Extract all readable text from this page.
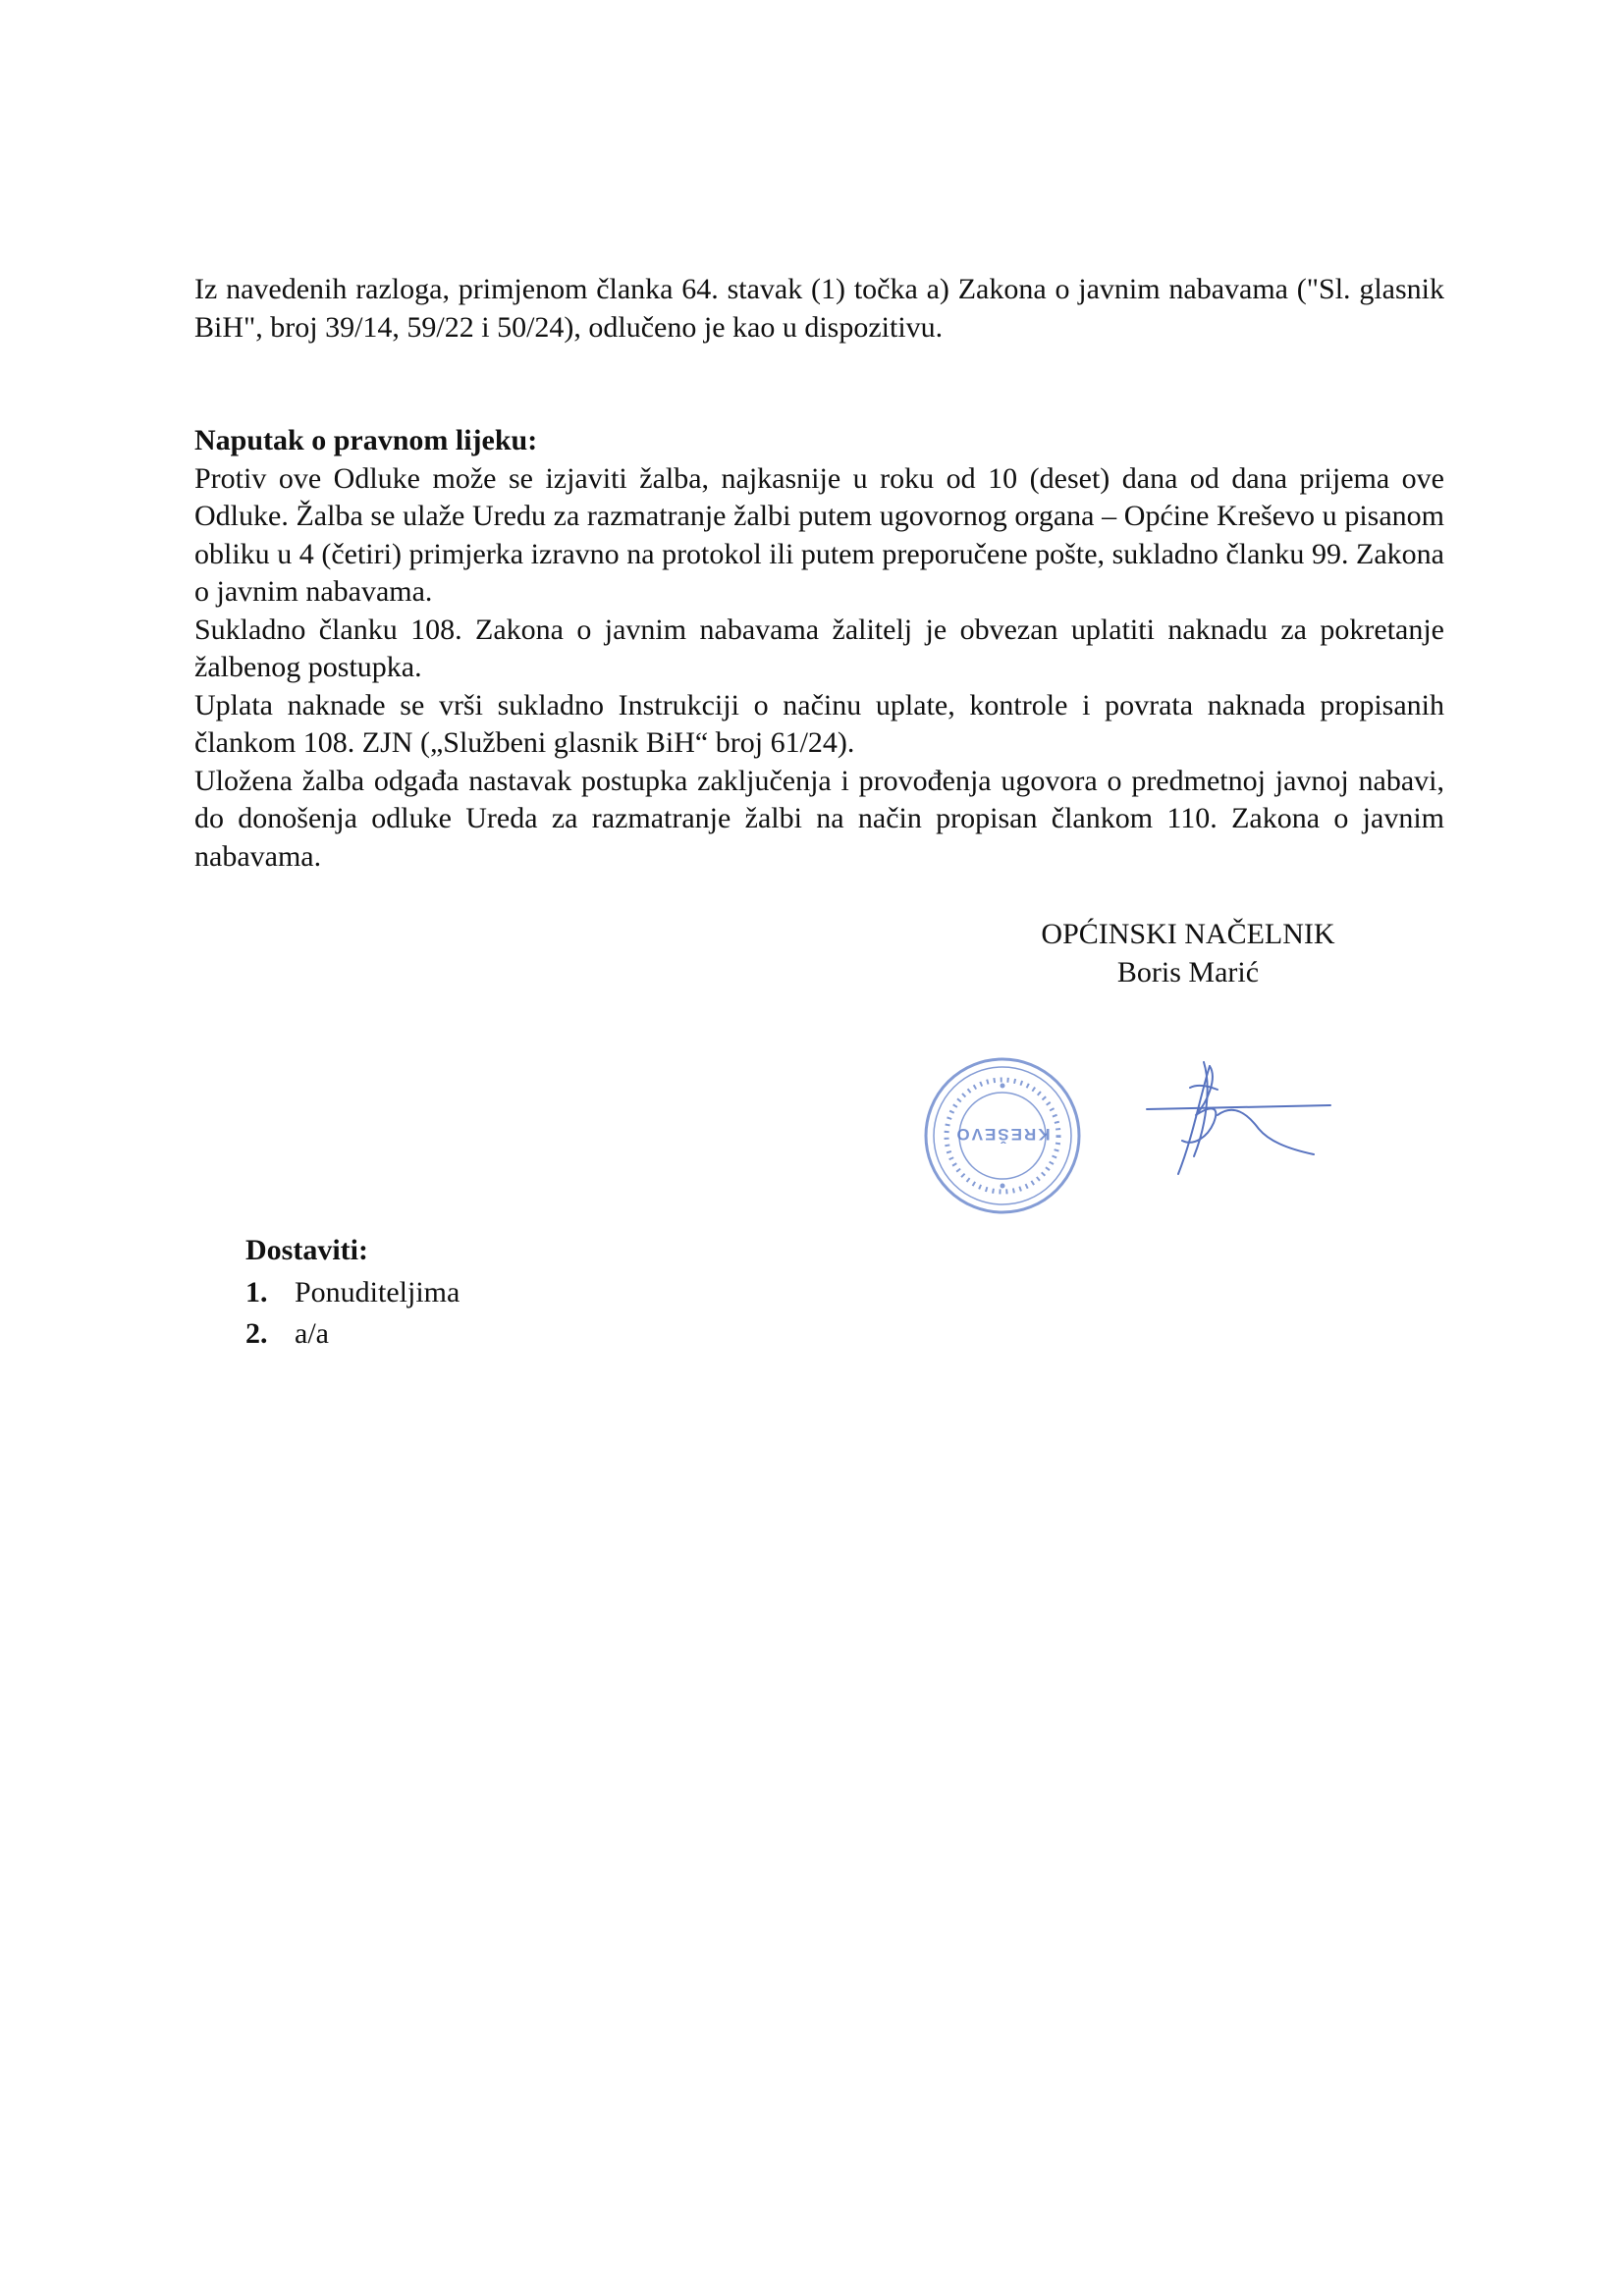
Iz navedenih razloga, primjenom članka 64. stavak (1) točka a) Zakona o javnim nabavama ("Sl. glasnik BiH", broj 39/14, 59/22 i 50/24), odlučeno je kao u dispozitivu.

Naputak o pravnom lijeku:

Protiv ove Odluke može se izjaviti žalba, najkasnije u roku od 10 (deset) dana od dana prijema ove Odluke. Žalba se ulaže Uredu za razmatranje žalbi putem ugovornog organa – Općine Kreševo u pisanom obliku u 4 (četiri) primjerka izravno na protokol ili putem preporučene pošte, sukladno članku 99. Zakona o javnim nabavama.

Sukladno članku 108. Zakona o javnim nabavama žalitelj je obvezan uplatiti naknadu za pokretanje žalbenog postupka.

Uplata naknade se vrši sukladno Instrukciji o načinu uplate, kontrole i povrata naknada propisanih člankom 108. ZJN („Službeni glasnik BiH“ broj 61/24).

Uložena žalba odgađa nastavak postupka zaključenja i provođenja ugovora o predmetnoj javnoj nabavi, do donošenja odluke Ureda za razmatranje žalbi na način propisan člankom 110. Zakona o javnim nabavama.

OPĆINSKI NAČELNIK
Boris Marić
KREŠEVO
Dostaviti:
1. Ponuditeljima
2. a/a
